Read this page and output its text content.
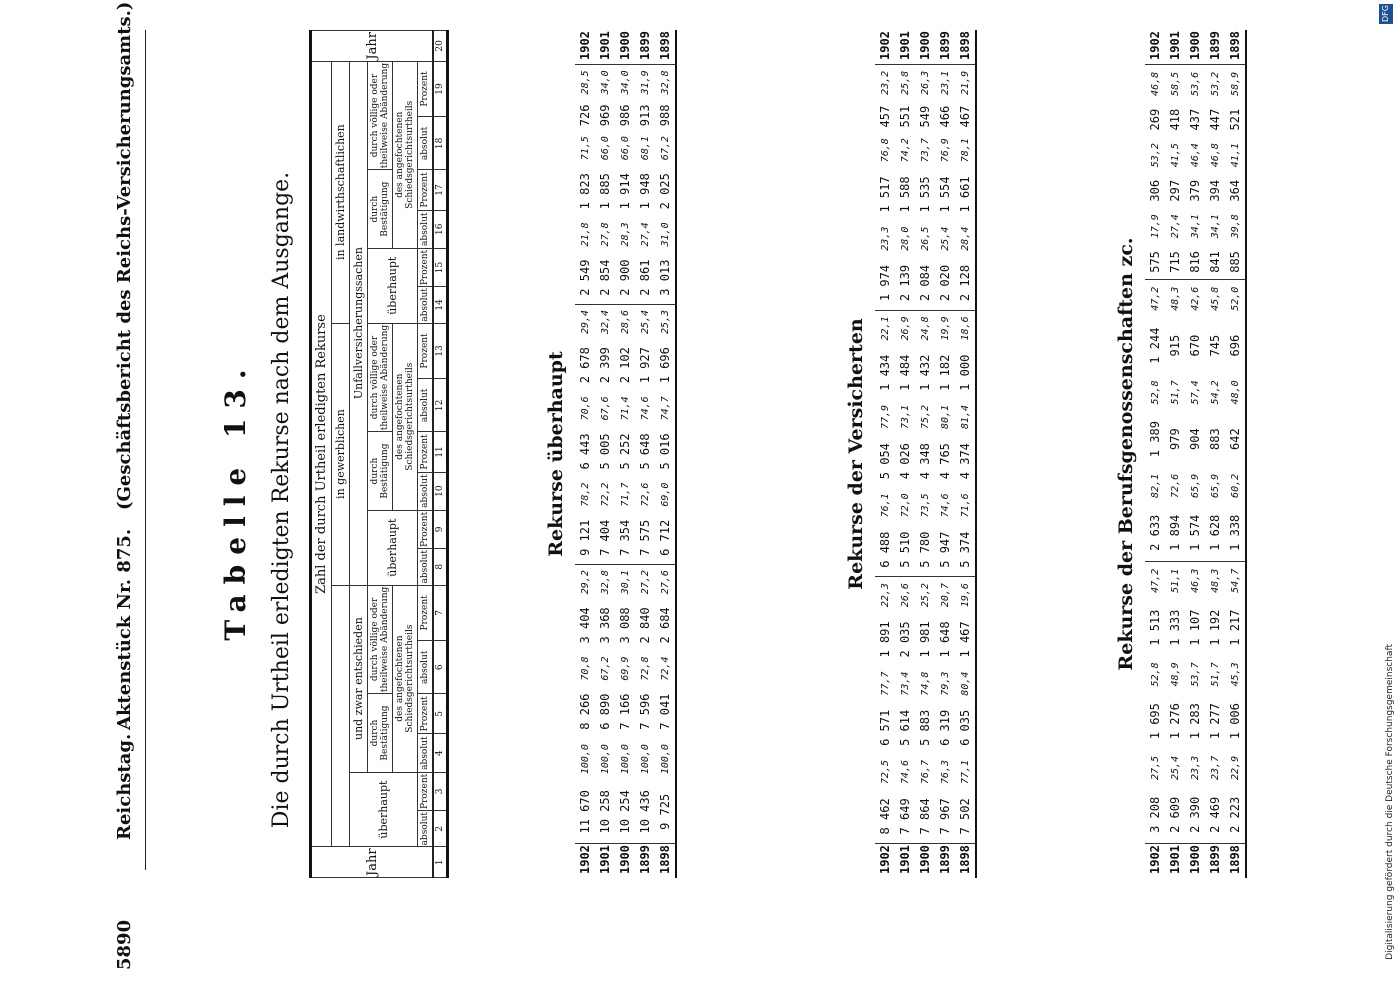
5890
Reichstag.
Aktenstück Nr. 875.
(Geschäftsbericht des Reichs-Versicherungsamts.)	Tabelle 13. Die durch Urtheil erledigten Rekurse nach dem Ausgange.
Jahr	Zahl der durch Urtheil erledigten Rekurse																		Jahr
							in gewerblichen						in landwirthschaftlichen						
	überhaupt		und zwar entschieden				Unfallversicherungssachen												
			durch Bestätigung		durch völlige oder theilweise Abänderung		überhaupt		durch Bestätigung		durch völlige oder theilweise Abänderung		überhaupt		durch Bestätigung		durch völlige oder theilweise Abänderung		
			des angefochtenen Schiedsgerichtsurtheils						des angefochtenen Schiedsgerichtsurtheils						des angefochtenen Schiedsgerichtsurtheils				
	absolut	Prozent	absolut	Prozent	absolut	Prozent	absolut	Prozent	absolut	Prozent	absolut	Prozent	absolut	Prozent	absolut	Prozent	absolut	Prozent	
1	2	3	4	5	6	7	8	9	10	11	12	13	14	15	16	17	18	19	20
Rekurse überhaupt
1902	11 670	100,0	8 266	70,8	3 404	29,2	9 121	78,2	6 443	70,6	2 678	29,4	2 549	21,8	1 823	71,5	726	28,5	1902
1901	10 258	100,0	6 890	67,2	3 368	32,8	7 404	72,2	5 005	67,6	2 399	32,4	2 854	27,8	1 885	66,0	969	34,0	1901
1900	10 254	100,0	7 166	69,9	3 088	30,1	7 354	71,7	5 252	71,4	2 102	28,6	2 900	28,3	1 914	66,0	986	34,0	1900
1899	10 436	100,0	7 596	72,8	2 840	27,2	7 575	72,6	5 648	74,6	1 927	25,4	2 861	27,4	1 948	68,1	913	31,9	1899
1898	9 725	100,0	7 041	72,4	2 684	27,6	6 712	69,0	5 016	74,7	1 696	25,3	3 013	31,0	2 025	67,2	988	32,8	1898
Rekurse der Versicherten
1902	8 462	72,5	6 571	77,7	1 891	22,3	6 488	76,1	5 054	77,9	1 434	22,1	1 974	23,3	1 517	76,8	457	23,2	1902
1901	7 649	74,6	5 614	73,4	2 035	26,6	5 510	72,0	4 026	73,1	1 484	26,9	2 139	28,0	1 588	74,2	551	25,8	1901
1900	7 864	76,7	5 883	74,8	1 981	25,2	5 780	73,5	4 348	75,2	1 432	24,8	2 084	26,5	1 535	73,7	549	26,3	1900
1899	7 967	76,3	6 319	79,3	1 648	20,7	5 947	74,6	4 765	80,1	1 182	19,9	2 020	25,4	1 554	76,9	466	23,1	1899
1898	7 502	77,1	6 035	80,4	1 467	19,6	5 374	71,6	4 374	81,4	1 000	18,6	2 128	28,4	1 661	78,1	467	21,9	1898
Rekurse der Berufsgenossenschaften zc.
1902	3 208	27,5	1 695	52,8	1 513	47,2	2 633	82,1	1 389	52,8	1 244	47,2	575	17,9	306	53,2	269	46,8	1902
1901	2 609	25,4	1 276	48,9	1 333	51,1	1 894	72,6	979	51,7	915	48,3	715	27,4	297	41,5	418	58,5	1901
1900	2 390	23,3	1 283	53,7	1 107	46,3	1 574	65,9	904	57,4	670	42,6	816	34,1	379	46,4	437	53,6	1900
1899	2 469	23,7	1 277	51,7	1 192	48,3	1 628	65,9	883	54,2	745	45,8	841	34,1	394	46,8	447	53,2	1899
1898	2 223	22,9	1 006	45,3	1 217	54,7	1 338	60,2	642	48,0	696	52,0	885	39,8	364	41,1	521	58,9	1898
Digitalisierung gefördert durch die Deutsche Forschungsgemeinschaft
DFG
